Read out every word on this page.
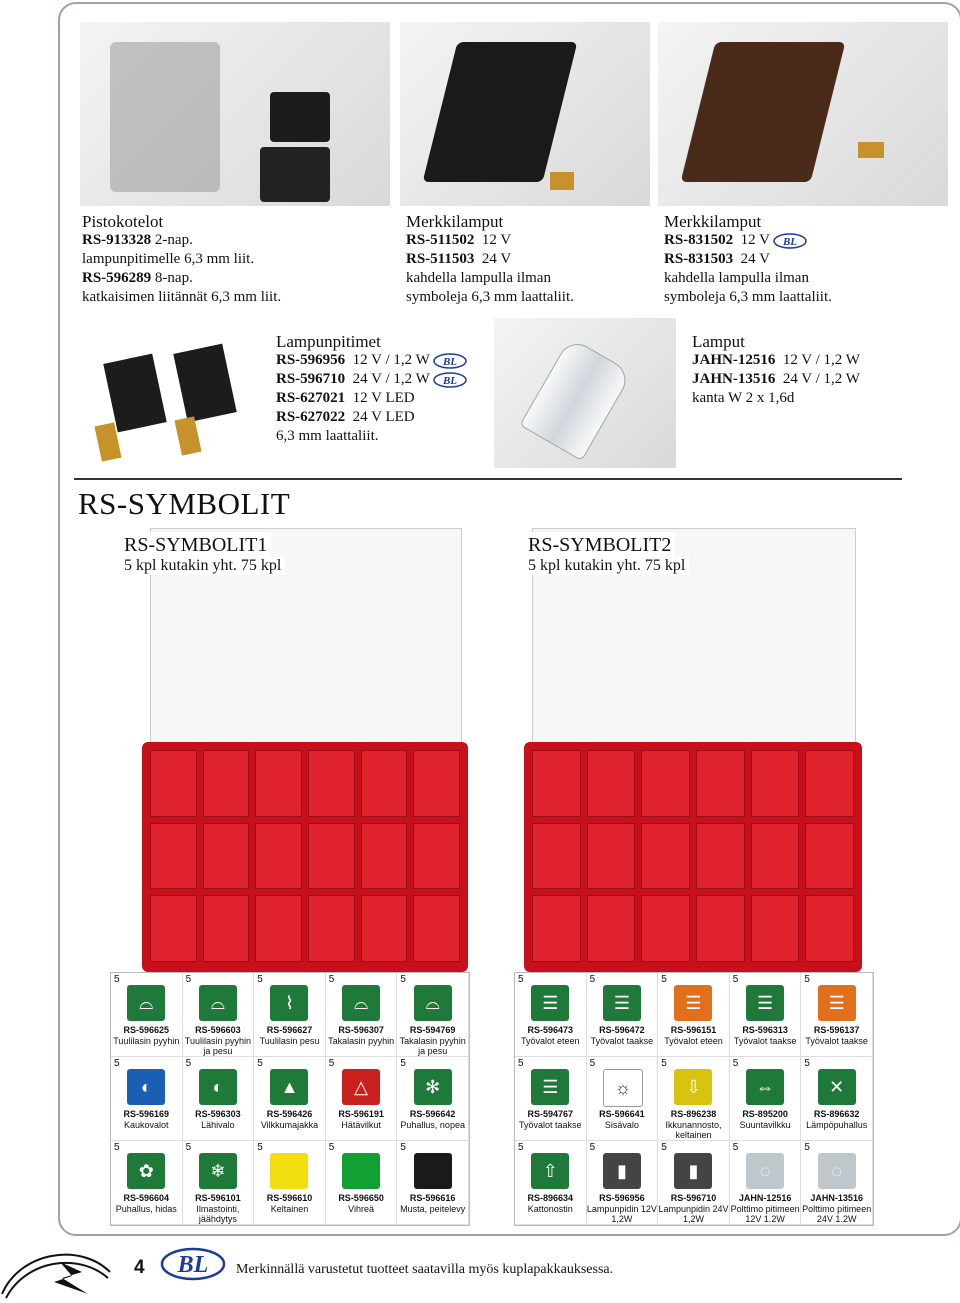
Pistokotelot
RS-913328 2-nap.
lampunpitimelle 6,3 mm liit.
RS-596289 8-nap.
katkaisimen liitännät 6,3 mm liit.
Merkkilamput
RS-511502 12 V
RS-511503 24 V
kahdella lampulla ilman
symboleja 6,3 mm laattaliit.
Merkkilamput
RS-831502 12 V BL
RS-831503 24 V
kahdella lampulla ilman
symboleja 6,3 mm laattaliit.
Lampunpitimet
RS-596956 12 V / 1,2 W BL
RS-596710 24 V / 1,2 W BL
RS-627021 12 V LED
RS-627022 24 V LED
6,3 mm laattaliit.
Lamput
JAHN-12516 12 V / 1,2 W
JAHN-13516 24 V / 1,2 W
kanta W 2 x 1,6d
RS-SYMBOLIT
RS-SYMBOLIT1
5 kpl kutakin yht. 75 kpl
RS-SYMBOLIT2
5 kpl kutakin yht. 75 kpl
5
⌓
RS-596625
Tuulilasin pyyhin
5
⌓
RS-596603
Tuulilasin pyyhin ja pesu
5
⌇
RS-596627
Tuulilasin pesu
5
⌓
RS-596307
Takalasin pyyhin
5
⌓
RS-594769
Takalasin pyyhin ja pesu
5
◐
RS-596169
Kaukovalot
5
◐
RS-596303
Lähivalo
5
▲
RS-596426
Vilkkumajakka
5
△
RS-596191
Hätävilkut
5
✻
RS-596642
Puhallus, nopea
5
✿
RS-596604
Puhallus, hidas
5
❄
RS-596101
Ilmastointi, jäähdytys
5
RS-596610
Keltainen
5
RS-596650
Vihreä
5
RS-596616
Musta, peitelevy
5
☰
RS-596473
Työvalot eteen
5
☰
RS-596472
Työvalot taakse
5
☰
RS-596151
Työvalot eteen
5
☰
RS-596313
Työvalot taakse
5
☰
RS-596137
Työvalot taakse
5
☰
RS-594767
Työvalot taakse
5
☼
RS-596641
Sisävalo
5
⇩
RS-896238
Ikkunannosto, keltainen
5
⇔
RS-895200
Suuntavilkku
5
✕
RS-896632
Lämpöpuhallus
5
⇧
RS-896634
Kattonostin
5
▮
RS-596956
Lampunpidin 12V 1,2W
5
▮
RS-596710
Lampunpidin 24V 1,2W
5
◌
JAHN-12516
Polttimo pitimeen 12V 1.2W
5
◌
JAHN-13516
Polttimo pitimeen 24V 1.2W
4 BL Merkinnällä varustetut tuotteet saatavilla myös kuplapakkauksessa.
